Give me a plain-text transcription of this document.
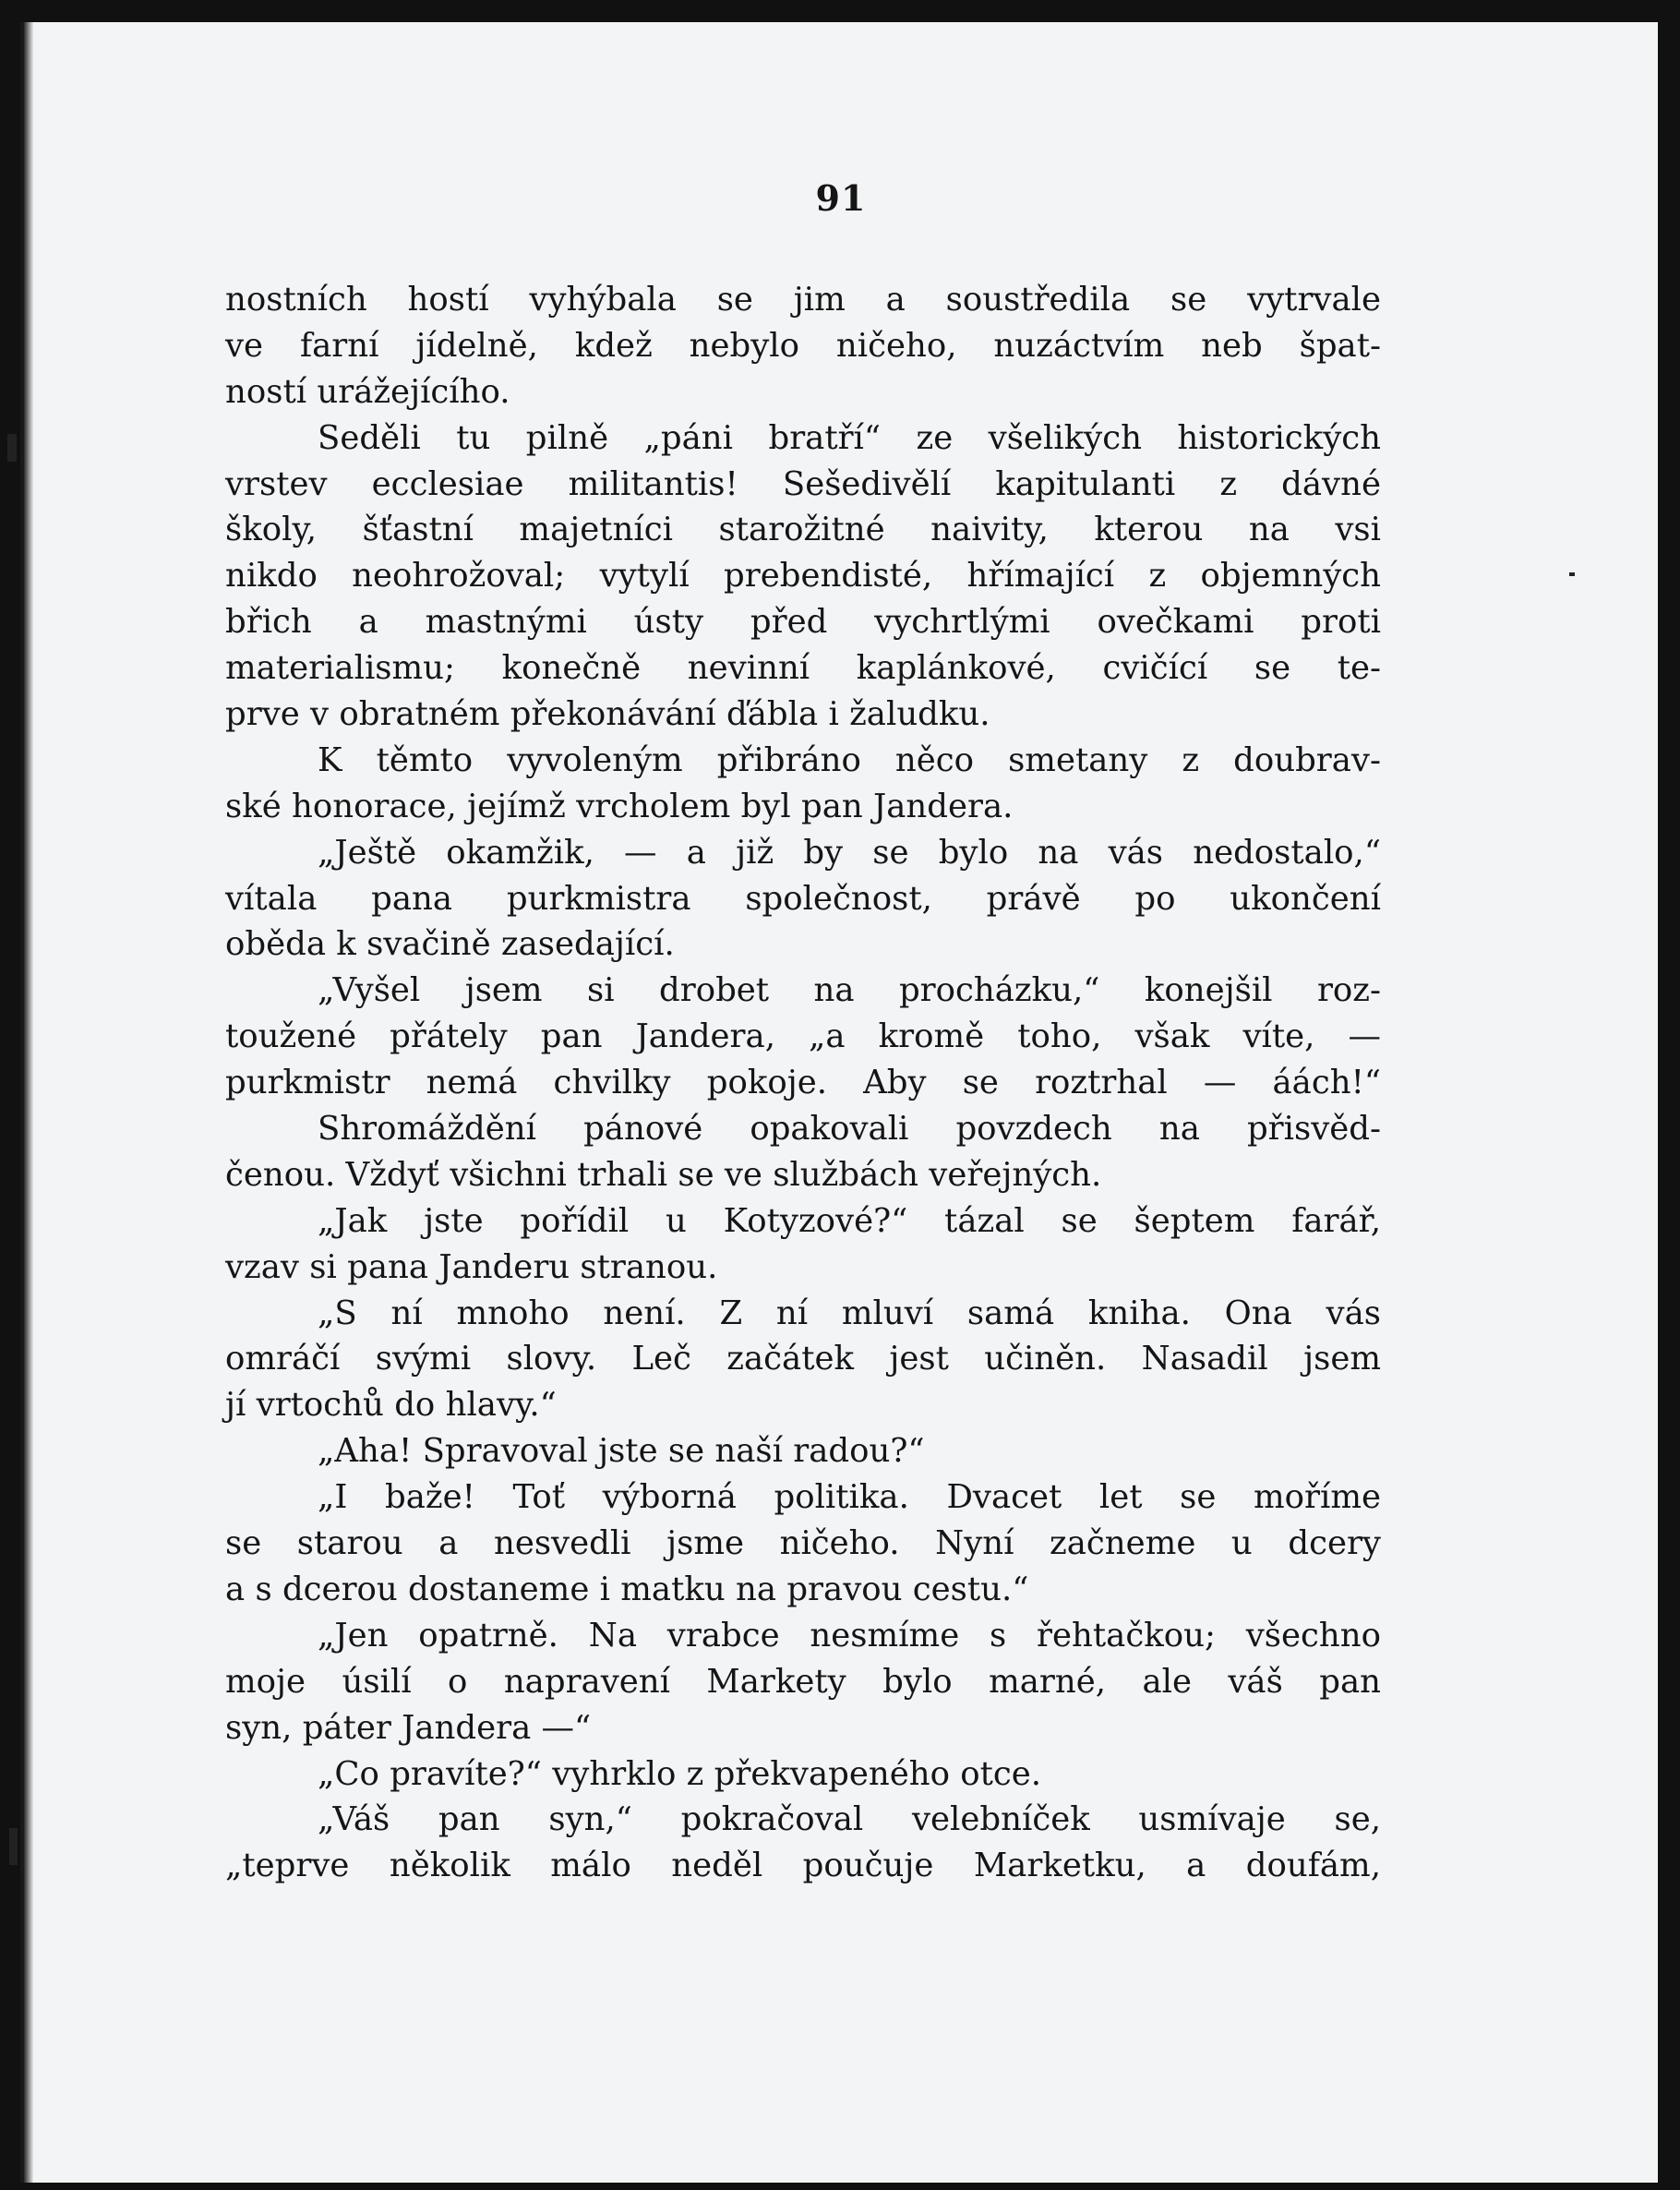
91
nostních hostí vyhýbala se jim a soustředila se vytrvale
ve farní jídelně, kdež nebylo ničeho, nuzáctvím neb špat-
ností urážejícího.
Seděli tu pilně „páni bratří“ ze všelikých historických
vrstev ecclesiae militantis! Sešedivělí kapitulanti z dávné
školy, šťastní majetníci starožitné naivity, kterou na vsi
nikdo neohrožoval; vytylí prebendisté, hřímající z objemných
břich a mastnými ústy před vychrtlými ovečkami proti
materialismu; konečně nevinní kaplánkové, cvičící se te-
prve v obratném překonávání ďábla i žaludku.
K těmto vyvoleným přibráno něco smetany z doubrav-
ské honorace, jejímž vrcholem byl pan Jandera.
„Ještě okamžik, — a již by se bylo na vás nedostalo,“
vítala pana purkmistra společnost, právě po ukončení
oběda k svačině zasedající.
„Vyšel jsem si drobet na procházku,“ konejšil roz-
toužené přátely pan Jandera, „a kromě toho, však víte, —
purkmistr nemá chvilky pokoje. Aby se roztrhal — áách!“
Shromáždění pánové opakovali povzdech na přisvěd-
čenou. Vždyť všichni trhali se ve službách veřejných.
„Jak jste pořídil u Kotyzové?“ tázal se šeptem farář,
vzav si pana Janderu stranou.
„S ní mnoho není. Z ní mluví samá kniha. Ona vás
omráčí svými slovy. Leč začátek jest učiněn. Nasadil jsem
jí vrtochů do hlavy.“
„Aha! Spravoval jste se naší radou?“
„I bažе! Toť výborná politika. Dvacet let se moříme
se starou a nesvedli jsme ničeho. Nyní začneme u dcery
a s dcerou dostaneme i matku na pravou cestu.“
„Jen opatrně. Na vrabce nesmíme s řehtačkou; všechno
moje úsilí o napravení Markety bylo marné, ale váš pan
syn, páter Jandera —“
„Co pravíte?“ vyhrklo z překvapeného otce.
„Váš pan syn,“ pokračoval velebníček usmívaje se,
„teprve několik málo neděl poučuje Marketku, a doufám,
